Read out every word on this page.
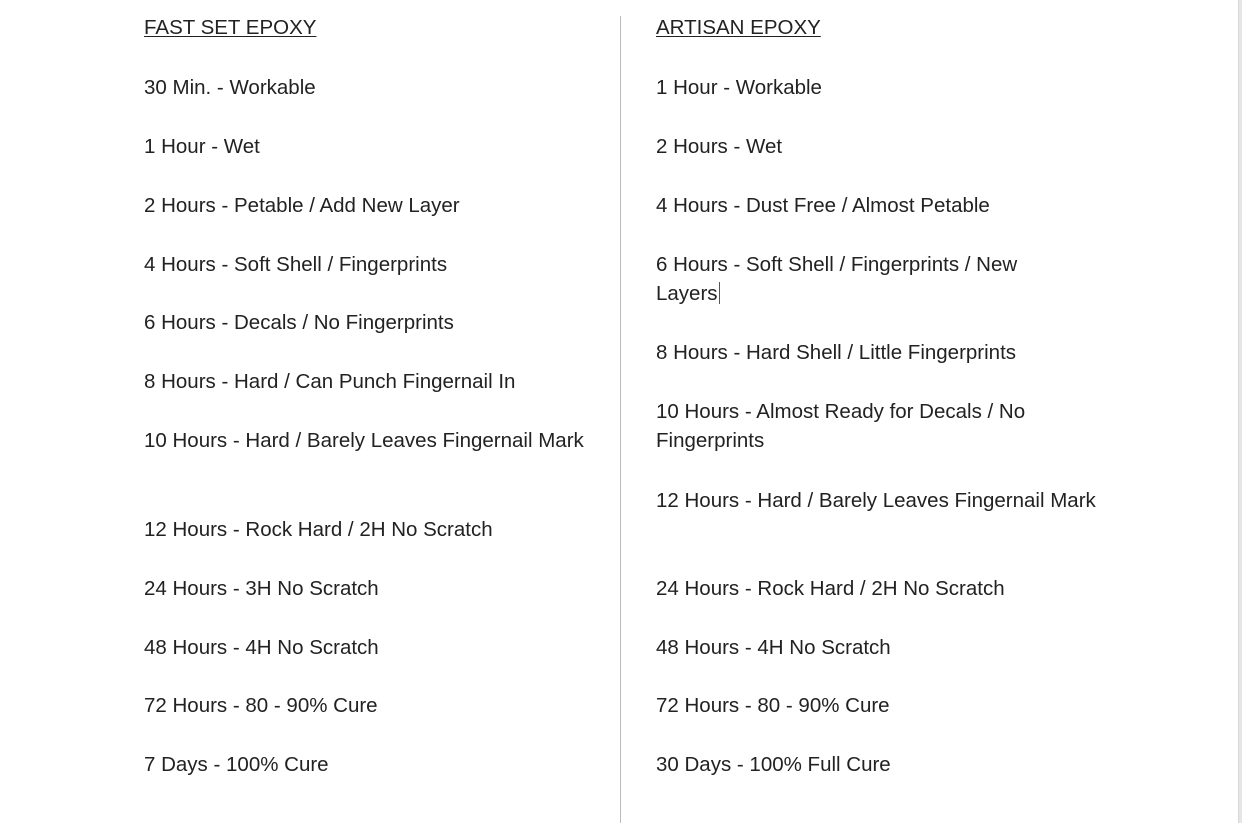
FAST SET EPOXY
30 Min. - Workable
1 Hour - Wet
2 Hours - Petable / Add New Layer
4 Hours - Soft Shell / Fingerprints
6 Hours - Decals / No Fingerprints
8 Hours - Hard / Can Punch Fingernail In
10 Hours - Hard / Barely Leaves Fingernail Mark
12 Hours - Rock Hard / 2H No Scratch
24 Hours - 3H No Scratch
48 Hours - 4H No Scratch
72 Hours - 80 - 90% Cure
7 Days - 100% Cure
ARTISAN EPOXY
1 Hour - Workable
2 Hours - Wet
4 Hours - Dust Free / Almost Petable
6 Hours - Soft Shell / Fingerprints / New Layers
8 Hours - Hard Shell / Little Fingerprints
10 Hours - Almost Ready for Decals / No Fingerprints
12 Hours - Hard / Barely Leaves Fingernail Mark
24 Hours - Rock Hard / 2H No Scratch
48 Hours - 4H No Scratch
72 Hours - 80 - 90% Cure
30 Days - 100% Full Cure
